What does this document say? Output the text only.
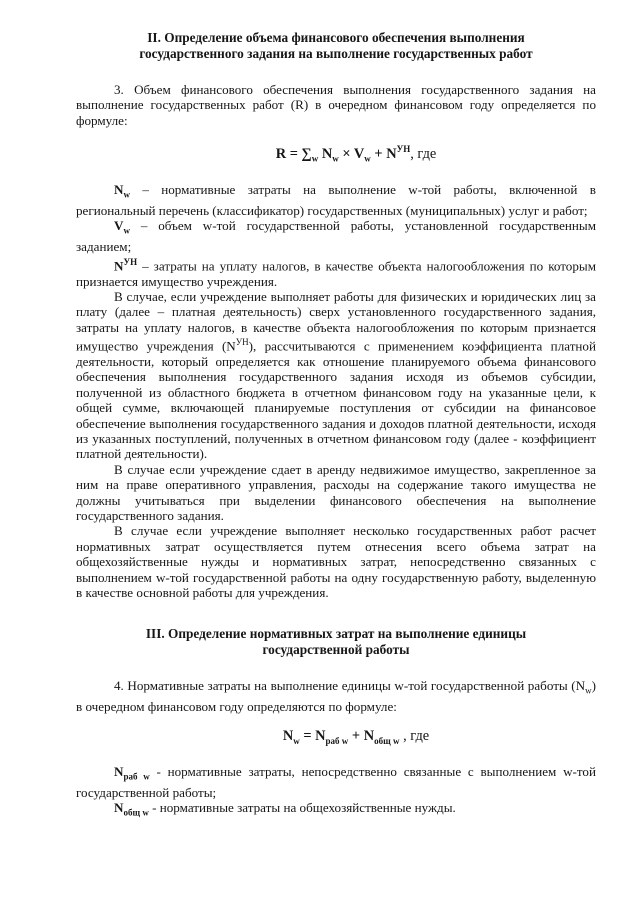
II. Определение объема финансового обеспечения выполнения
государственного задания на выполнение государственных работ

3. Объем финансового обеспечения выполнения государственного задания на выполнение государственных работ (R) в очередном финансовом году определяется по формуле:

$R = \sum_w$ $N_w \times V_w + N^{УН}$, где

$N_w$ – нормативные затраты на выполнение w-той работы, включенной в региональный перечень (классификатор) государственных (муниципальных) услуг и работ;

$V_w$ – объем w-той государственной работы, установленной государственным заданием;

$N^{УН}$ – затраты на уплату налогов, в качестве объекта налогообложения по которым признается имущество учреждения.

В случае, если учреждение выполняет работы для физических и юридических лиц за плату (далее – платная деятельность) сверх установленного государственного задания, затраты на уплату налогов, в качестве объекта налогообложения по которым признается имущество учреждения $(N^{УН})$, рассчитываются с применением коэффициента платной деятельности, который определяется как отношение планируемого объема финансового обеспечения выполнения государственного задания исходя из объемов субсидии, полученной из областного бюджета в отчетном финансовом году на указанные цели, к общей сумме, включающей планируемые поступления от субсидии на финансовое обеспечение выполнения государственного задания и доходов платной деятельности, исходя из указанных поступлений, полученных в отчетном финансовом году (далее - коэффициент платной деятельности).

В случае если учреждение сдает в аренду недвижимое имущество, закрепленное за ним на праве оперативного управления, расходы на содержание такого имущества не должны учитываться при выделении финансового обеспечения на выполнение государственного задания.

В случае если учреждение выполняет несколько государственных работ расчет нормативных затрат осуществляется путем отнесения всего объема затрат на общехозяйственные нужды и нормативных затрат, непосредственно связанных с выполнением w-той государственной работы на одну государственную работу, выделенную в качестве основной работы для учреждения.

III. Определение нормативных затрат на выполнение единицы
государственной работы

4. Нормативные затраты на выполнение единицы w-той государственной работы $(N_w)$ в очередном финансовом году определяются по формуле:

$N_w = N_{раб w} + N_{общ w}$ , где

$N_{раб w}$ - нормативные затраты, непосредственно связанные с выполнением w-той государственной работы;

$N_{общ w}$ - нормативные затраты на общехозяйственные нужды.
